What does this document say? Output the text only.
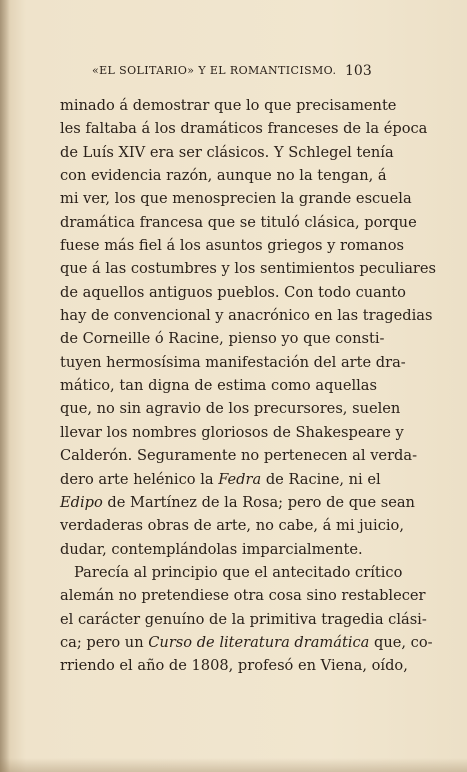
«EL SOLITARIO» Y EL ROMANTICISMO. 103
minado á demostrar que lo que precisamente
les faltaba á los dramáticos franceses de la época
de Luís XIV era ser clásicos. Y Schlegel tenía
con evidencia razón, aunque no la tengan, á
mi ver, los que menosprecien la grande escuela
dramática francesa que se tituló clásica, porque
fuese más fiel á los asuntos griegos y romanos
que á las costumbres y los sentimientos peculiares
de aquellos antiguos pueblos. Con todo cuanto
hay de convencional y anacrónico en las tragedias
de Corneille ó Racine, pienso yo que consti-
tuyen hermosísima manifestación del arte dra-
mático, tan digna de estima como aquellas
que, no sin agravio de los precursores, suelen
llevar los nombres gloriosos de Shakespeare y
Calderón. Seguramente no pertenecen al verda-
dero arte helénico la Fedra de Racine, ni el
Edipo de Martínez de la Rosa; pero de que sean
verdaderas obras de arte, no cabe, á mi juicio,
dudar, contemplándolas imparcialmente.
Parecía al principio que el antecitado crítico
alemán no pretendiese otra cosa sino restablecer
el carácter genuíno de la primitiva tragedia clási-
ca; pero un Curso de literatura dramática que, co-
rriendo el año de 1808, profesó en Viena, oído,
